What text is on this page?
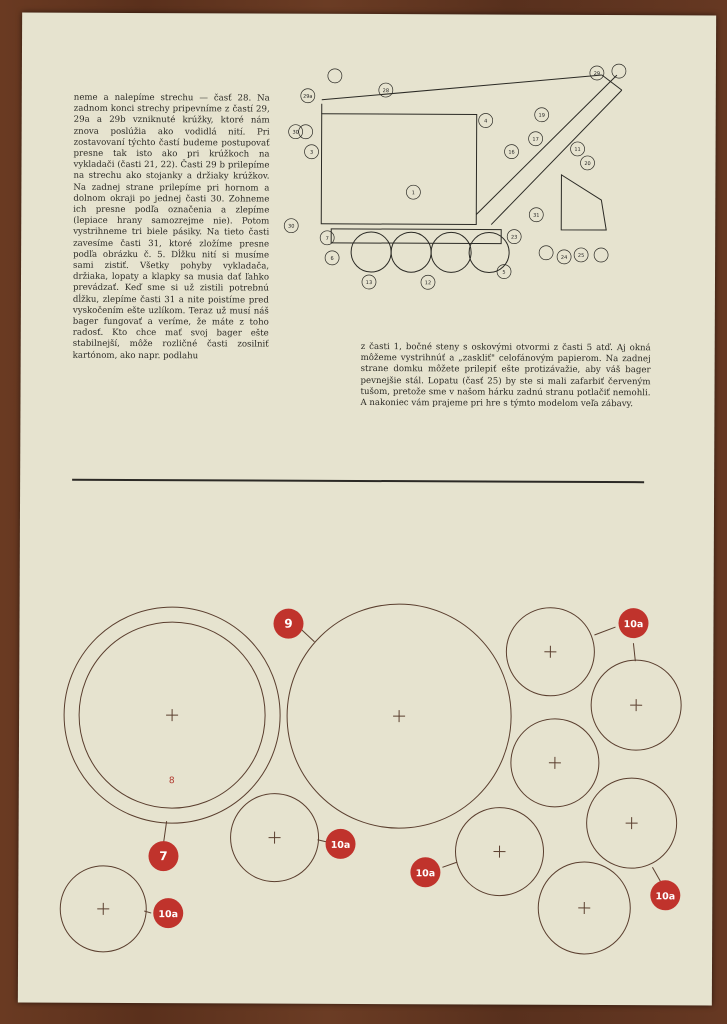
neme a nalepíme strechu — časť 28. Na zadnom konci strechy pripevníme z častí 29, 29a a 29b vzniknuté krúžky, ktoré nám znova poslúžia ako vodidlá nití. Pri zostavovaní týchto častí budeme postupovať presne tak isto ako pri krúžkoch na vykladači (časti 21, 22). Časti 29 b prilepíme na strechu ako stojanky a držiaky krúžkov. Na zadnej strane prilepíme pri hornom a dolnom okraji po jednej časti 30. Zohneme ich presne podľa označenia a zlepíme (lepiace hrany samozrejme nie). Potom vystrihneme tri biele pásiky. Na tieto časti zavesíme časti 31, ktoré zložíme presne podľa obrázku č. 5. Dĺžku nití si musíme sami zistiť. Všetky pohyby vykladača, držiaka, lopaty a klapky sa musia dať ľahko prevádzať. Keď sme si už zistili potrebnú dĺžku, zlepíme časti 31 a nite poistíme pred vyskočením ešte uzlíkom. Teraz už musí náš bager fungovať a veríme, že máte z toho radosť. Kto chce mať svoj bager ešte stabilnejší, môže rozličné časti zosilniť kartónom, ako napr. podlahu
z časti 1, bočné steny s oskovými otvormi z časti 5 atď. Aj okná môžeme vystrihnúť a „zaskliť" celofánovým papierom. Na zadnej strane domku môžete prilepiť ešte protizávažie, aby váš bager pevnejšie stál. Lopatu (časť 25) by ste si mali zafarbiť červeným tušom, pretože sme v našom hárku zadnú stranu potlačiť nemohli. A nakoniec vám prajeme pri hre s týmto modelom veľa zábavy.
1
3
4
5
6
7
13	12
16
17
19
20
23
24 25
28
29
29a
30
30
11
31
9
7
10a
10a
10a
10a
10a
8
